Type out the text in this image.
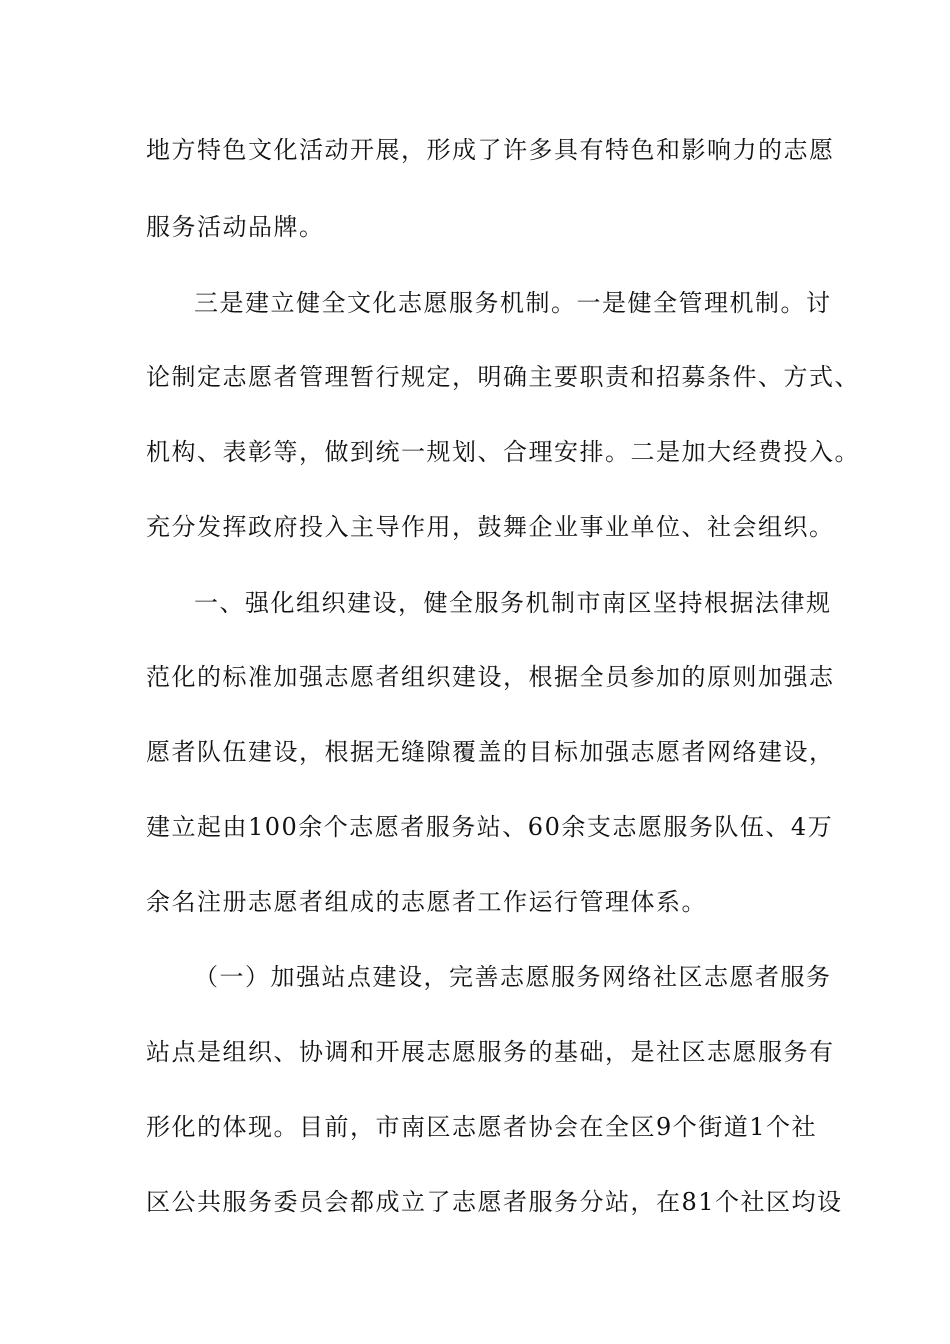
地方特色文化活动开展，形成了许多具有特色和影响力的志愿
服务活动品牌。
三是建立健全文化志愿服务机制。一是健全管理机制。讨
论制定志愿者管理暂行规定，明确主要职责和招募条件、方式、
机构、表彰等，做到统一规划、合理安排。二是加大经费投入。
充分发挥政府投入主导作用，鼓舞企业事业单位、社会组织。
一、强化组织建设，健全服务机制市南区坚持根据法律规
范化的标准加强志愿者组织建设，根据全员参加的原则加强志
愿者队伍建设，根据无缝隙覆盖的目标加强志愿者网络建设，
建立起由100余个志愿者服务站、60余支志愿服务队伍、4万
余名注册志愿者组成的志愿者工作运行管理体系。
（一）加强站点建设，完善志愿服务网络社区志愿者服务
站点是组织、协调和开展志愿服务的基础，是社区志愿服务有
形化的体现。目前，市南区志愿者协会在全区9个街道1个社
区公共服务委员会都成立了志愿者服务分站，在81个社区均设
